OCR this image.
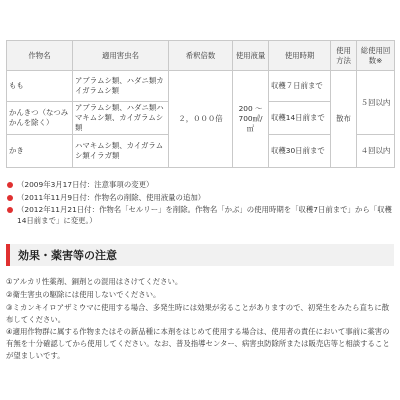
作物名	適用害虫名	希釈倍数	使用液量	使用時期	使用方法	総使用回数※
もも	アブラムシ類、ハダニ類カイガラムシ類	２，０００倍	200 ～ 700㎖/㎡	収穫７日前まで	散布	５回以内
かんきつ（なつみかんを除く）	アブラムシ類、ハダニ類ハマキムシ類、カイガラムシ類			収穫14日前まで		
かき	ハマキムシ類、カイガラムシ類イラガ類			収穫30日前まで		４回以内
（2009年3月17日付：注意事項の変更）
（2011年11月9日付：作物名の削除、使用液量の追加）
（2012年11月21日付：作物名「セルリー」を削除。作物名「かぶ」の使用時期を「収穫7日前まで」から「収穫14日前まで」に変更。）
効果・薬害等の注意

①アルカリ性薬剤、銅剤との混用はさけてください。

②衛生害虫の駆除には使用しないでください。

③ミカンキイロアザミウマに使用する場合、多発生時には効果が劣ることがありますので、初発生をみたら直ちに散布してください。

④適用作物群に属する作物またはその新品種に本剤をはじめて使用する場合は、使用者の責任において事前に薬害の有無を十分確認してから使用してください。なお、普及指導センター、病害虫防除所または販売店等と相談することが望ましいです。
